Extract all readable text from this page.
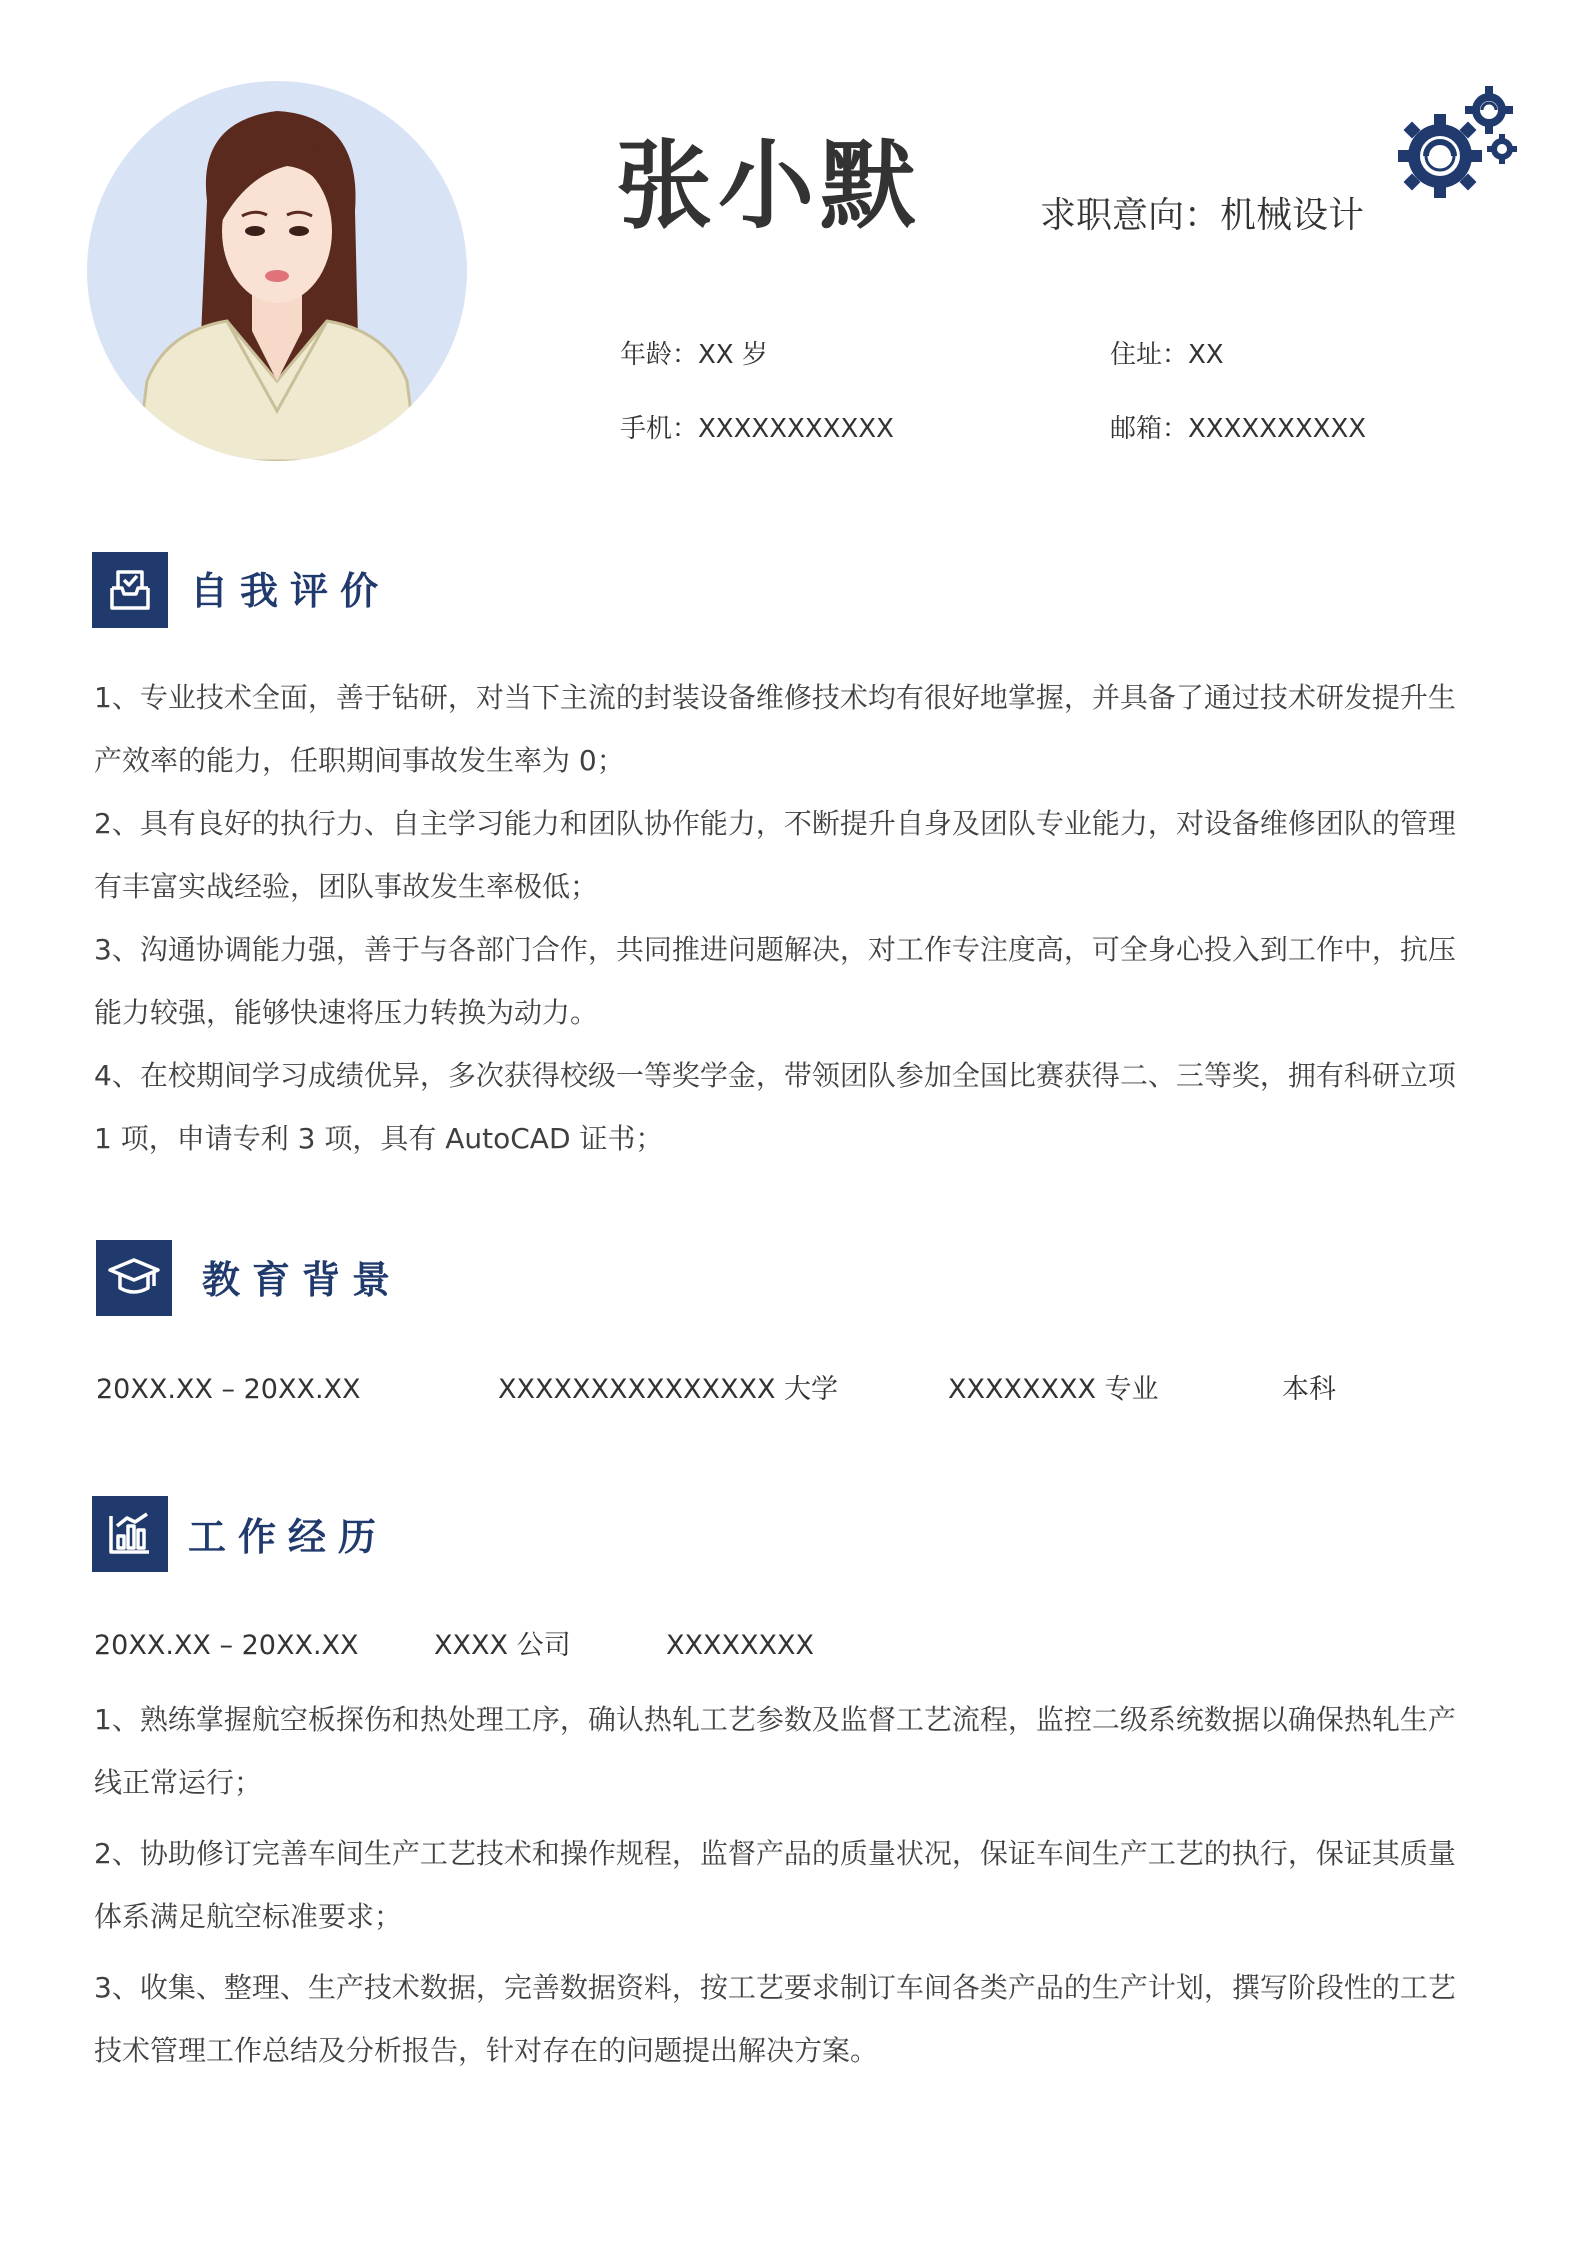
张小默	求职意向：机械设计
年龄：XX 岁	住址：XX
手机：XXXXXXXXXXX	邮箱：XXXXXXXXXX
自我评价

1、专业技术全面，善于钻研，对当下主流的封装设备维修技术均有很好地掌握，并具备了通过技术研发提升生产效率的能力，任职期间事故发生率为 0；

2、具有良好的执行力、自主学习能力和团队协作能力，不断提升自身及团队专业能力，对设备维修团队的管理有丰富实战经验，团队事故发生率极低；

3、沟通协调能力强，善于与各部门合作，共同推进问题解决，对工作专注度高，可全身心投入到工作中，抗压能力较强，能够快速将压力转换为动力。

4、在校期间学习成绩优异，多次获得校级一等奖学金，带领团队参加全国比赛获得二、三等奖，拥有科研立项 1 项，申请专利 3 项，具有 AutoCAD 证书；

教育背景
20XX.XX – 20XX.XX	XXXXXXXXXXXXXXX 大学	XXXXXXXX 专业	本科
工作经历
20XX.XX – 20XX.XX	XXXX 公司	XXXXXXXX

1、熟练掌握航空板探伤和热处理工序，确认热轧工艺参数及监督工艺流程，监控二级系统数据以确保热轧生产线正常运行；

2、协助修订完善车间生产工艺技术和操作规程，监督产品的质量状况，保证车间生产工艺的执行，保证其质量体系满足航空标准要求；

3、收集、整理、生产技术数据，完善数据资料，按工艺要求制订车间各类产品的生产计划，撰写阶段性的工艺技术管理工作总结及分析报告，针对存在的问题提出解决方案。
